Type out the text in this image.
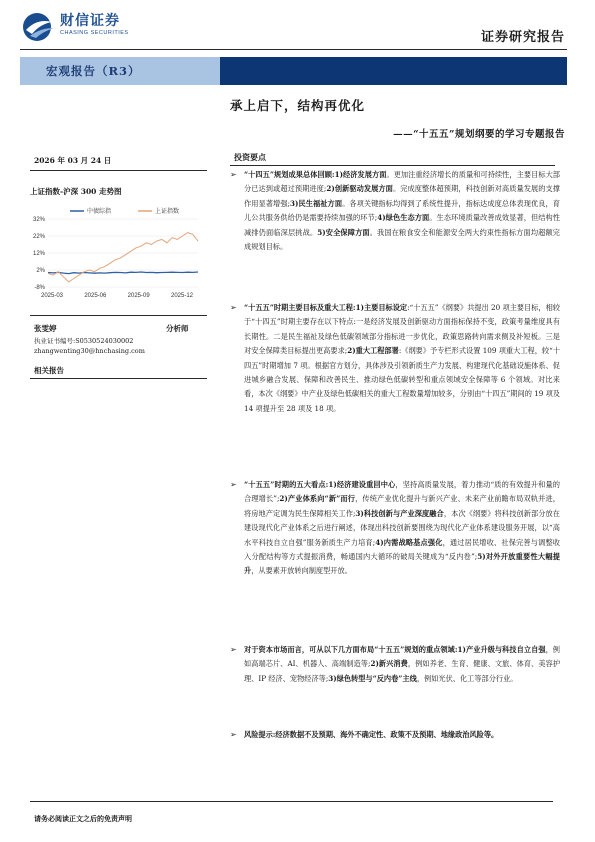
财信证券
CHASING SECURITIES	证券研究报告
宏观报告（R3）
承上启下，结构再优化
——“十五五”规划纲要的学习专题报告
2026 年 03 月 24 日
上证指数-沪深 300 走势图
32%
22%
12%
2%
-8%
2025-03	2025-06	2025-09	2025-12
中债综指	上证指数
张雯婷	分析师
执业证书编号:S0530524030002
zhangwenting30@hnchasing.com
相关报告
投资要点
➢ “十四五”规划成果总体回顾:1)经济发展方面。更加注重经济增长的质量和可持续性，主要目标大部分已达到或超过预期进度;2)创新驱动发展方面。完成度整体超预期，科技创新对高质量发展的支撑作用显著增强;3)民生福祉方面。各项关键指标均得到了系统性提升，指标达成度总体表现优良，育儿公共服务供给仍是需要持续加强的环节;4)绿色生态方面。生态环境质量改善成效显著，但结构性减排仍面临深层挑战。5)安全保障方面。我国在粮食安全和能源安全两大约束性指标方面均超额完成规划目标。
➢ “十五五”时期主要目标及重大工程:1)主要目标设定:“十五五”《纲要》共提出 20 项主要目标，相较于“十四五”时期主要存在以下特点:一是经济发展及创新驱动方面指标保持不变，政策考量维度具有长期性。二是民生福祉及绿色低碳领域部分指标进一步优化，政策思路转向需求侧及补短板。三是对安全保障类目标提出更高要求;2)重大工程部署:《纲要》予专栏形式设置 109 项重大工程，较“十四五”时期增加 7 项。根据官方划分，具体涉及引领新质生产力发展、构建现代化基础设施体系、促进城乡融合发展、保障和改善民生、推动绿色低碳转型和重点领域安全保障等 6 个领域。对比来看，本次《纲要》中产业及绿色低碳相关的重大工程数量增加较多，分别由“十四五”期间的 19 项及 14 项提升至 28 项及 18 项。
➢ “十五五”时期的五大看点:1)经济建设重回中心，坚持高质量发展，着力推动“质的有效提升和量的合理增长”;2)产业体系向“新”而行，传统产业优化提升与新兴产业、未来产业前瞻布局双轨并进，将房地产定调为民生保障相关工作;3)科技创新与产业深度融合，本次《纲要》将科技创新部分放在建设现代化产业体系之后进行阐述，体现出科技创新要围绕为现代化产业体系建设服务开展，以“高水平科技自立自强”服务新质生产力培育;4)内需战略基点强化，通过居民增收、社保完善与调整收入分配结构等方式提振消费，畅通国内大循环的破局关键成为“反内卷”;5)对外开放重要性大幅提升，从要素开放转向制度型开放。
➢ 对于资本市场而言，可从以下几方面布局“十五五”规划的重点领域:1)产业升级与科技自立自强，例如高端芯片、AI、机器人、高端制造等;2)新兴消费，例如养老、生育、健康、文旅、体育、美容护理、IP 经济、宠物经济等;3)绿色转型与“反内卷”主线，例如光伏、化工等部分行业。
➢ 风险提示:经济数据不及预期、海外不确定性、政策不及预期、地缘政治风险等。
请务必阅读正文之后的免责声明
